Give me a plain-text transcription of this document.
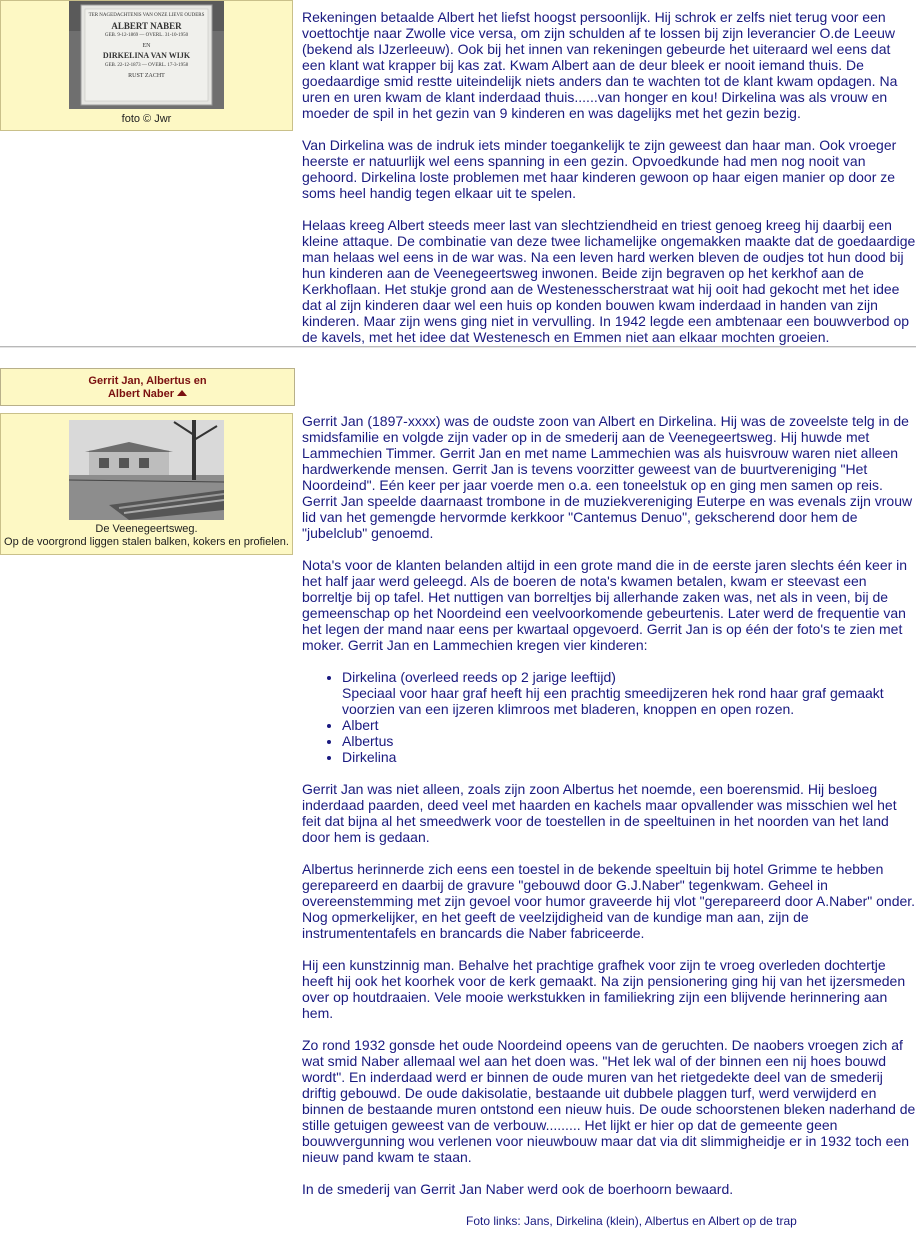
TER NAGEDACHTENIS VAN ONZE LIEVE OUDERS
ALBERT NABER
GEB. 9-12-1869 — OVERL. 31-10-1950
EN
DIRKELINA VAN WIJK
GEB. 22-12-1873 — OVERL. 17-3-1958
RUST ZACHT
foto © Jwr

Rekeningen betaalde Albert het liefst hoogst persoonlijk. Hij schrok er zelfs niet terug voor een voettochtje naar Zwolle vice versa, om zijn schulden af te lossen bij zijn leverancier O.de Leeuw (bekend als IJzerleeuw). Ook bij het innen van rekeningen gebeurde het uiteraard wel eens dat een klant wat krapper bij kas zat. Kwam Albert aan de deur bleek er nooit iemand thuis. De goedaardige smid restte uiteindelijk niets anders dan te wachten tot de klant kwam opdagen. Na uren en uren kwam de klant inderdaad thuis......van honger en kou! Dirkelina was als vrouw en moeder de spil in het gezin van 9 kinderen en was dagelijks met het gezin bezig.

Van Dirkelina was de indruk iets minder toegankelijk te zijn geweest dan haar man. Ook vroeger heerste er natuurlijk wel eens spanning in een gezin. Opvoedkunde had men nog nooit van gehoord. Dirkelina loste problemen met haar kinderen gewoon op haar eigen manier op door ze soms heel handig tegen elkaar uit te spelen.

Helaas kreeg Albert steeds meer last van slechtziendheid en triest genoeg kreeg hij daarbij een kleine attaque. De combinatie van deze twee lichamelijke ongemakken maakte dat de goedaardige man helaas wel eens in de war was. Na een leven hard werken bleven de oudjes tot hun dood bij hun kinderen aan de Veenegeertsweg inwonen. Beide zijn begraven op het kerkhof aan de Kerkhoflaan. Het stukje grond aan de Westenesscherstraat wat hij ooit had gekocht met het idee dat al zijn kinderen daar wel een huis op konden bouwen kwam inderdaad in handen van zijn kinderen. Maar zijn wens ging niet in vervulling. In 1942 legde een ambtenaar een bouwverbod op de kavels, met het idee dat Westenesch en Emmen niet aan elkaar mochten groeien.

Gerrit Jan, Albertus en
Albert Naber
De Veenegeertsweg.
Op de voorgrond liggen stalen balken, kokers en profielen.

Gerrit Jan (1897-xxxx) was de oudste zoon van Albert en Dirkelina. Hij was de zoveelste telg in de smidsfamilie en volgde zijn vader op in de smederij aan de Veenegeertsweg. Hij huwde met Lammechien Timmer. Gerrit Jan en met name Lammechien was als huisvrouw waren niet alleen hardwerkende mensen. Gerrit Jan is tevens voorzitter geweest van de buurtvereniging "Het Noordeind". Eén keer per jaar voerde men o.a. een toneelstuk op en ging men samen op reis. Gerrit Jan speelde daarnaast trombone in de muziekvereniging Euterpe en was evenals zijn vrouw lid van het gemengde hervormde kerkkoor "Cantemus Denuo", gekscherend door hem de "jubelclub" genoemd.

Nota's voor de klanten belanden altijd in een grote mand die in de eerste jaren slechts één keer in het half jaar werd geleegd. Als de boeren de nota's kwamen betalen, kwam er steevast een borreltje bij op tafel. Het nuttigen van borreltjes bij allerhande zaken was, net als in veen, bij de gemeenschap op het Noordeind een veelvoorkomende gebeurtenis. Later werd de frequentie van het legen der mand naar eens per kwartaal opgevoerd. Gerrit Jan is op één der foto's te zien met moker. Gerrit Jan en Lammechien kregen vier kinderen:

• Dirkelina (overleed reeds op 2 jarige leeftijd)
Speciaal voor haar graf heeft hij een prachtig smeedijzeren hek rond haar graf gemaakt voorzien van een ijzeren klimroos met bladeren, knoppen en open rozen.
• Albert
• Albertus
• Dirkelina

Gerrit Jan was niet alleen, zoals zijn zoon Albertus het noemde, een boerensmid. Hij besloeg inderdaad paarden, deed veel met haarden en kachels maar opvallender was misschien wel het feit dat bijna al het smeedwerk voor de toestellen in de speeltuinen in het noorden van het land door hem is gedaan.

Albertus herinnerde zich eens een toestel in de bekende speeltuin bij hotel Grimme te hebben gerepareerd en daarbij de gravure "gebouwd door G.J.Naber" tegenkwam. Geheel in overeenstemming met zijn gevoel voor humor graveerde hij vlot "gerepareerd door A.Naber" onder. Nog opmerkelijker, en het geeft de veelzijdigheid van de kundige man aan, zijn de instrumententafels en brancards die Naber fabriceerde.

Hij een kunstzinnig man. Behalve het prachtige grafhek voor zijn te vroeg overleden dochtertje heeft hij ook het koorhek voor de kerk gemaakt. Na zijn pensionering ging hij van het ijzersmeden over op houtdraaien. Vele mooie werkstukken in familiekring zijn een blijvende herinnering aan hem.

Zo rond 1932 gonsde het oude Noordeind opeens van de geruchten. De naobers vroegen zich af wat smid Naber allemaal wel aan het doen was. "Het lek wal of der binnen een nij hoes bouwd wordt". En inderdaad werd er binnen de oude muren van het rietgedekte deel van de smederij driftig gebouwd. De oude dakisolatie, bestaande uit dubbele plaggen turf, werd verwijderd en binnen de bestaande muren ontstond een nieuw huis. De oude schoorstenen bleken naderhand de stille getuigen geweest van de verbouw......... Het lijkt er hier op dat de gemeente geen bouwvergunning wou verlenen voor nieuwbouw maar dat via dit slimmigheidje er in 1932 toch een nieuw pand kwam te staan.

In de smederij van Gerrit Jan Naber werd ook de boerhoorn bewaard.

Foto links: Jans, Dirkelina (klein), Albertus en Albert op de trap
